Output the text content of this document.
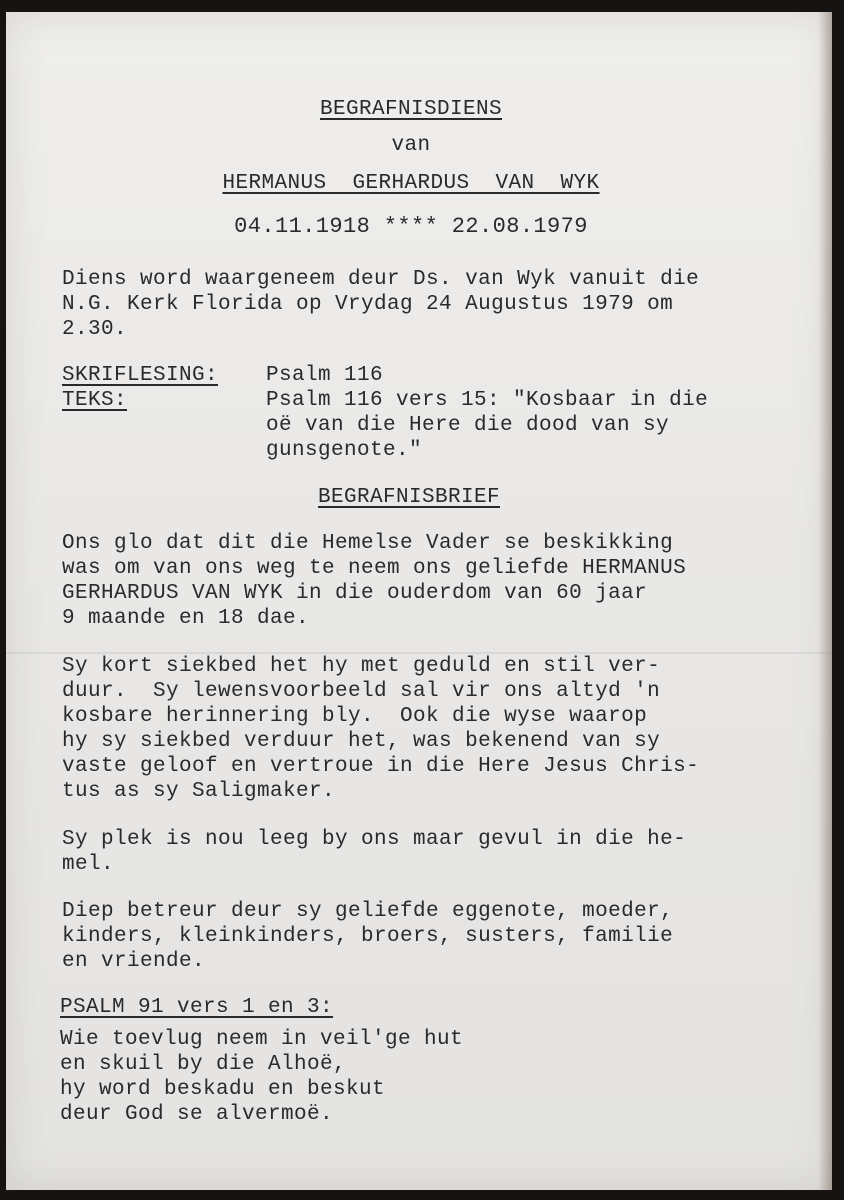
BEGRAFNISDIENS
van
HERMANUS  GERHARDUS  VAN  WYK
04.11.1918 **** 22.08.1979
Diens word waargeneem deur Ds. van Wyk vanuit die
N.G. Kerk Florida op Vrydag 24 Augustus 1979 om
2.30.
SKRIFLESING: Psalm 116
TEKS:	Psalm 116 vers 15: "Kosbaar in die
oë van die Here die dood van sy
gunsgenote."
BEGRAFNISBRIEF
Ons glo dat dit die Hemelse Vader se beskikking
was om van ons weg te neem ons geliefde HERMANUS
GERHARDUS VAN WYK in die ouderdom van 60 jaar
9 maande en 18 dae.
Sy kort siekbed het hy met geduld en stil ver-
duur.  Sy lewensvoorbeeld sal vir ons altyd 'n
kosbare herinnering bly.  Ook die wyse waarop
hy sy siekbed verduur het, was bekenend van sy
vaste geloof en vertroue in die Here Jesus Chris-
tus as sy Saligmaker.
Sy plek is nou leeg by ons maar gevul in die he-
mel.
Diep betreur deur sy geliefde eggenote, moeder,
kinders, kleinkinders, broers, susters, familie
en vriende.
PSALM 91 vers 1 en 3:
Wie toevlug neem in veil'ge hut
en skuil by die Alhoë,
hy word beskadu en beskut
deur God se alvermoë.
